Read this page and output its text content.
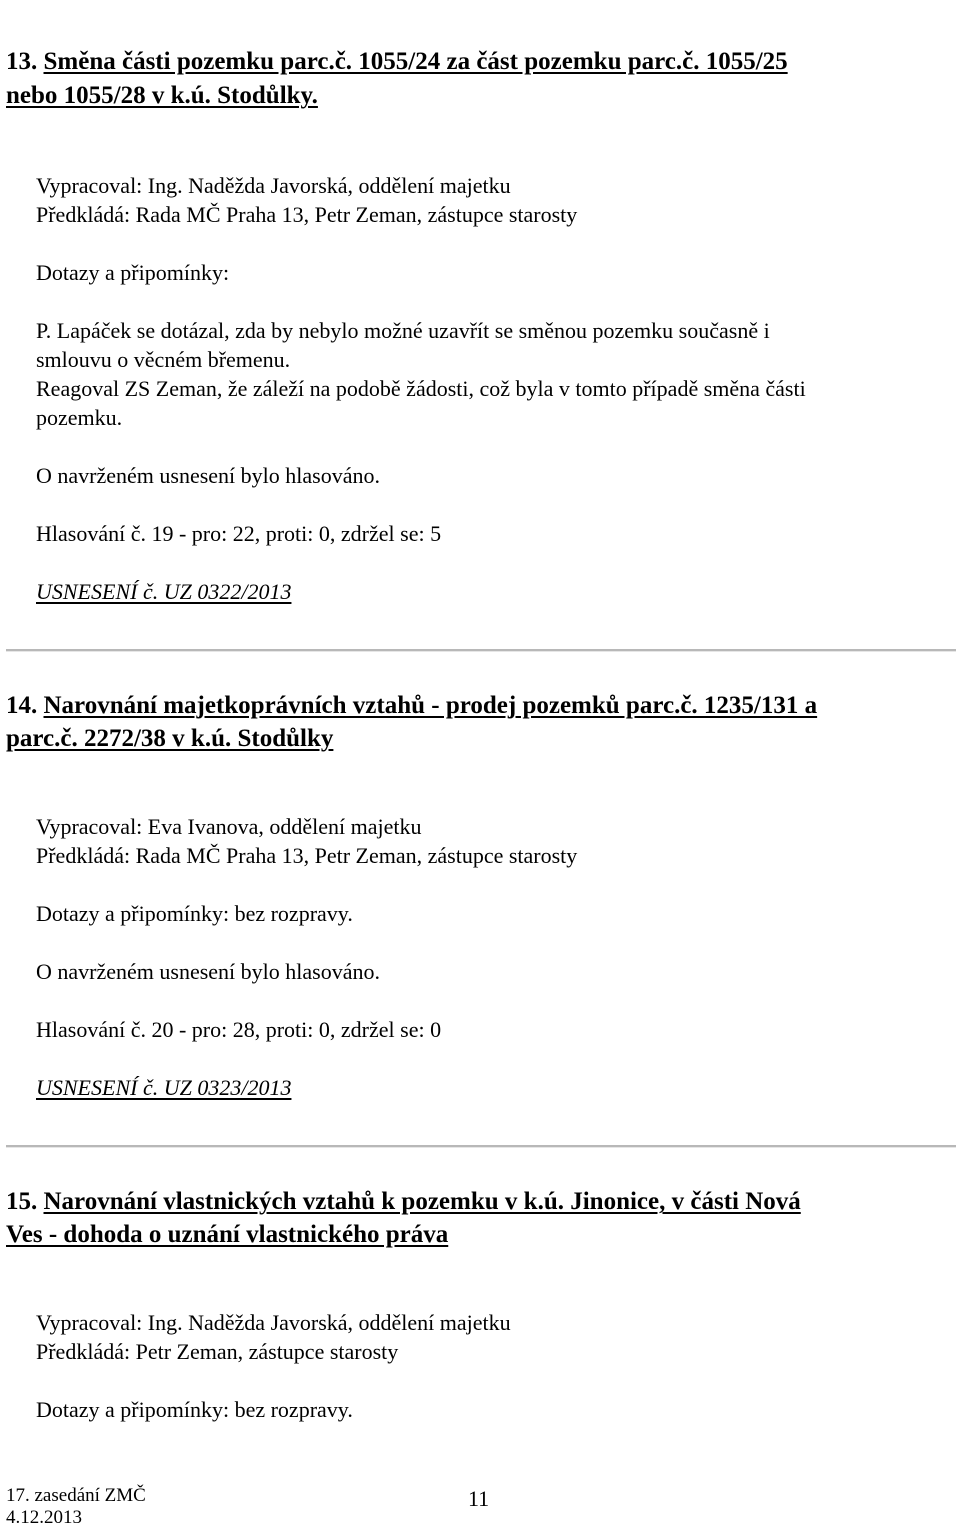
13. Směna části pozemku parc.č. 1055/24 za část pozemku parc.č. 1055/25
nebo 1055/28 v k.ú. Stodůlky.

Vypracoval: Ing. Naděžda Javorská, oddělení majetku

Předkládá: Rada MČ Praha 13, Petr Zeman, zástupce starosty

Dotazy a připomínky:

P. Lapáček se dotázal, zda by nebylo možné uzavřít se směnou pozemku současně i

smlouvu o věcném břemenu.

Reagoval ZS Zeman, že záleží na podobě žádosti, což byla v tomto případě směna části

pozemku.

O navrženém usnesení bylo hlasováno.

Hlasování č. 19 - pro: 22, proti: 0, zdržel se: 5

USNESENÍ č. UZ 0322/2013

14. Narovnání majetkoprávních vztahů - prodej pozemků parc.č. 1235/131 a
parc.č. 2272/38 v k.ú. Stodůlky

Vypracoval: Eva Ivanova, oddělení majetku

Předkládá: Rada MČ Praha 13, Petr Zeman, zástupce starosty

Dotazy a připomínky: bez rozpravy.

O navrženém usnesení bylo hlasováno.

Hlasování č. 20 - pro: 28, proti: 0, zdržel se: 0

USNESENÍ č. UZ 0323/2013

15. Narovnání vlastnických vztahů k pozemku v k.ú. Jinonice, v části Nová
Ves - dohoda o uznání vlastnického práva

Vypracoval: Ing. Naděžda Javorská, oddělení majetku

Předkládá: Petr Zeman, zástupce starosty

Dotazy a připomínky: bez rozpravy.

17. zasedání ZMČ

4.12.2013

11
